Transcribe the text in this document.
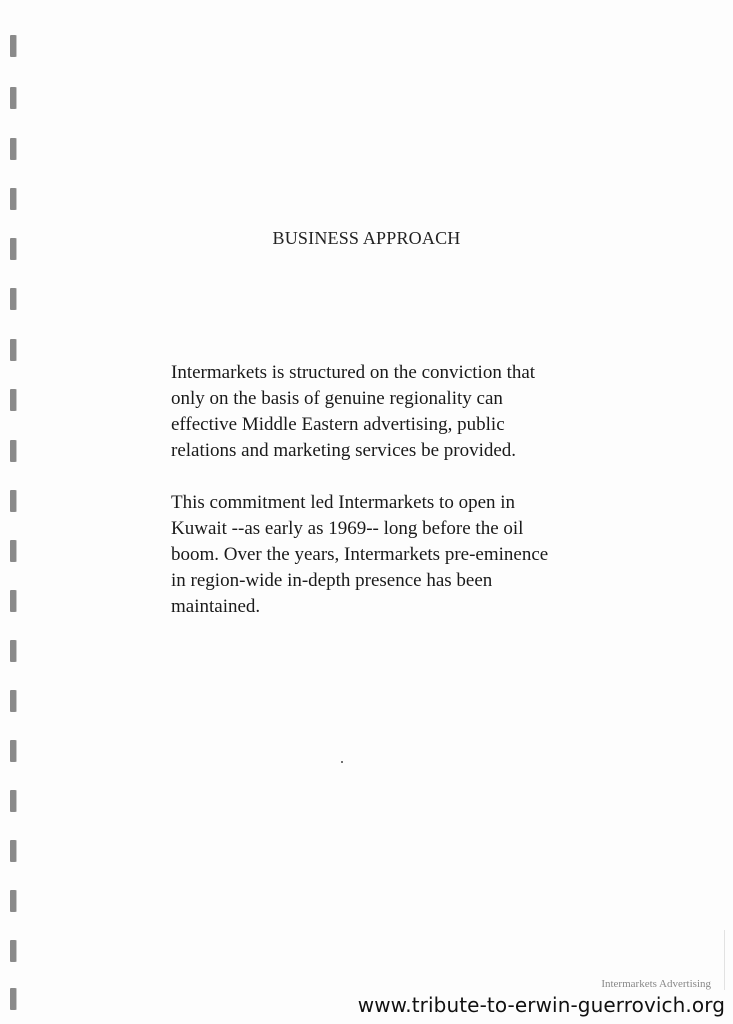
BUSINESS APPROACH

Intermarkets is structured on the conviction that
only on the basis of genuine regionality can
effective Middle Eastern advertising, public
relations and marketing services be provided.

This commitment led Intermarkets to open in
Kuwait --as early as 1969-- long before the oil
boom. Over the years, Intermarkets pre-eminence
in region-wide in-depth presence has been
maintained.

Intermarkets Advertising
www.tribute-to-erwin-guerrovich.org
